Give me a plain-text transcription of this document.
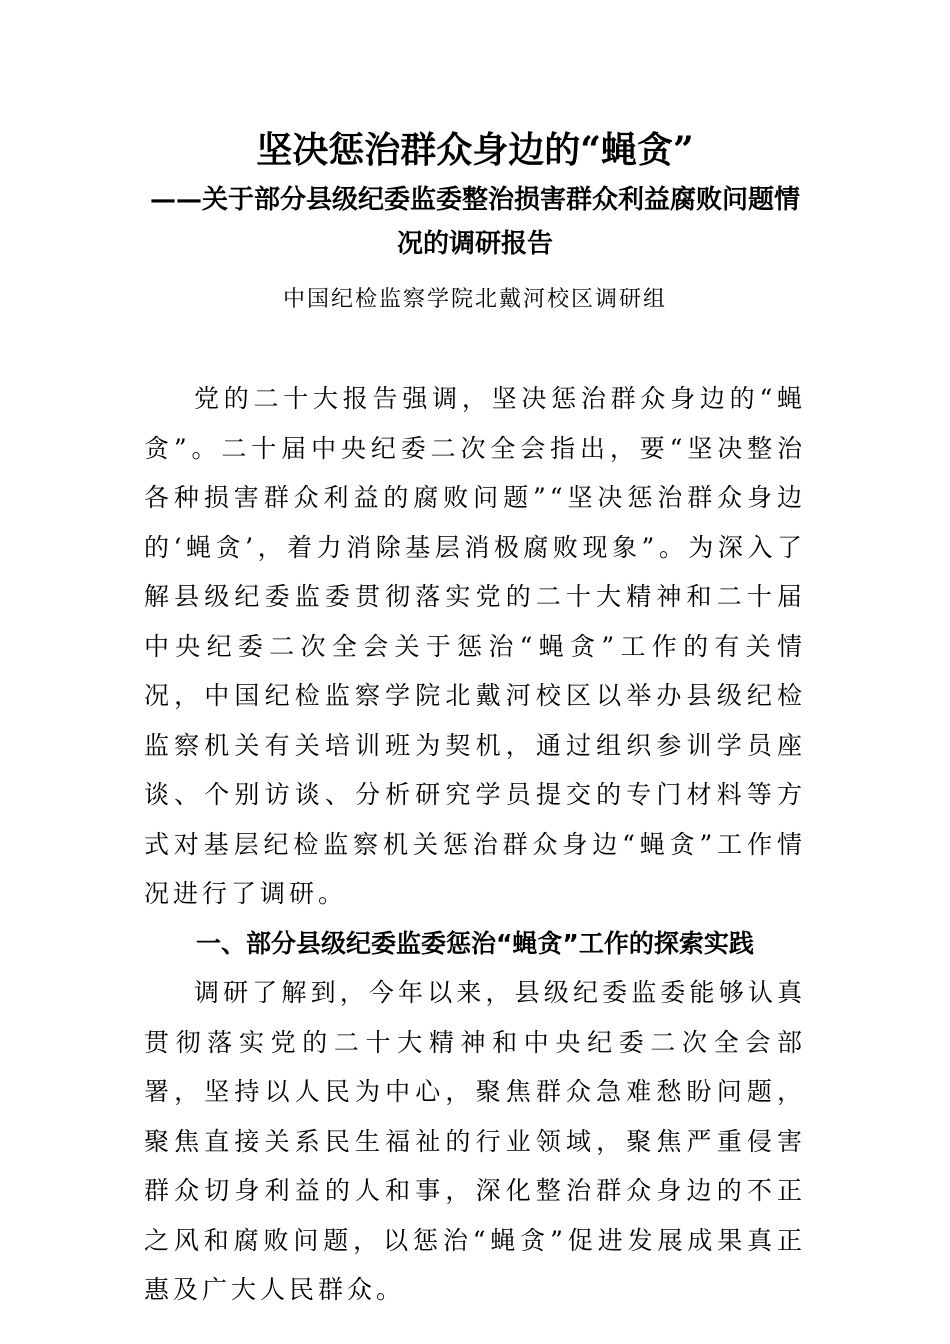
坚决惩治群众身边的“蝇贪”
——关于部分县级纪委监委整治损害群众利益腐败问题情况的调研报告
中国纪检监察学院北戴河校区调研组

党的二十大报告强调，坚决惩治群众身边的“蝇贪”。二十届中央纪委二次全会指出，要“坚决整治各种损害群众利益的腐败问题”“坚决惩治群众身边的‘蝇贪’，着力消除基层消极腐败现象”。为深入了解县级纪委监委贯彻落实党的二十大精神和二十届中央纪委二次全会关于惩治“蝇贪”工作的有关情况，中国纪检监察学院北戴河校区以举办县级纪检监察机关有关培训班为契机，通过组织参训学员座谈、个别访谈、分析研究学员提交的专门材料等方式对基层纪检监察机关惩治群众身边“蝇贪”工作情况进行了调研。

一、部分县级纪委监委惩治“蝇贪”工作的探索实践

调研了解到，今年以来，县级纪委监委能够认真贯彻落实党的二十大精神和中央纪委二次全会部署，坚持以人民为中心，聚焦群众急难愁盼问题，聚焦直接关系民生福祉的行业领域，聚焦严重侵害群众切身利益的人和事，深化整治群众身边的不正之风和腐败问题，以惩治“蝇贪”促进发展成果真正惠及广大人民群众。
